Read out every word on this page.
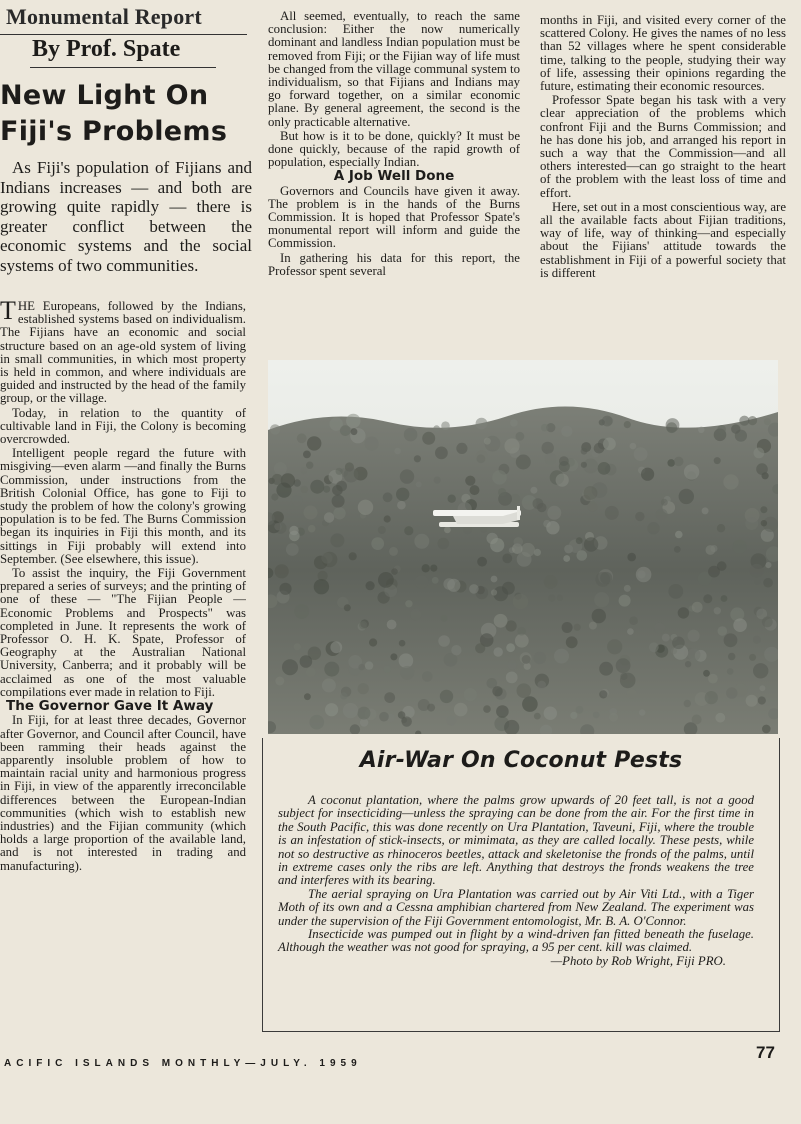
Monumental Report
By Prof. Spate
New Light On
Fiji's Problems

As Fiji's population of Fijians and Indians increases — and both are growing quite rapidly — there is greater conflict between the economic systems and the social systems of two communities.

THE Europeans, followed by the Indians, established systems based on individualism. The Fijians have an economic and social structure based on an age-old system of living in small communities, in which most property is held in common, and where individuals are guided and instructed by the head of the family group, or the village.

Today, in relation to the quantity of cultivable land in Fiji, the Colony is becoming overcrowded.

Intelligent people regard the future with misgiving—even alarm —and finally the Burns Commission, under instructions from the British Colonial Office, has gone to Fiji to study the problem of how the colony's growing population is to be fed. The Burns Commission began its inquiries in Fiji this month, and its sittings in Fiji probably will extend into September. (See elsewhere, this issue).

To assist the inquiry, the Fiji Government prepared a series of surveys; and the printing of one of these — "The Fijian People — Economic Problems and Prospects" was completed in June. It represents the work of Professor O. H. K. Spate, Professor of Geography at the Australian National University, Canberra; and it probably will be acclaimed as one of the most valuable compilations ever made in relation to Fiji.

The Governor Gave It Away

In Fiji, for at least three decades, Governor after Governor, and Council after Council, have been ramming their heads against the apparently insoluble problem of how to maintain racial unity and harmonious progress in Fiji, in view of the apparently irreconcilable differences between the European-Indian communities (which wish to establish new industries) and the Fijian community (which holds a large proportion of the available land, and is not interested in trading and manufacturing).

All seemed, eventually, to reach the same conclusion: Either the now numerically dominant and landless Indian population must be removed from Fiji; or the Fijian way of life must be changed from the village communal system to individualism, so that Fijians and Indians may go forward together, on a similar economic plane. By general agreement, the second is the only practicable alternative.

But how is it to be done, quickly? It must be done quickly, because of the rapid growth of population, especially Indian.

A Job Well Done

Governors and Councils have given it away. The problem is in the hands of the Burns Commission. It is hoped that Professor Spate's monumental report will inform and guide the Commission.

In gathering his data for this report, the Professor spent several

months in Fiji, and visited every corner of the scattered Colony. He gives the names of no less than 52 villages where he spent considerable time, talking to the people, studying their way of life, assessing their opinions regarding the future, estimating their economic resources.

Professor Spate began his task with a very clear appreciation of the problems which confront Fiji and the Burns Commission; and he has done his job, and arranged his report in such a way that the Commission—and all others interested—can go straight to the heart of the problem with the least loss of time and effort.

Here, set out in a most conscientious way, are all the available facts about Fijian traditions, way of life, way of thinking—and especially about the Fijians' attitude towards the establishment in Fiji of a powerful society that is different

Air-War On Coconut Pests

A coconut plantation, where the palms grow upwards of 20 feet tall, is not a good subject for insecticiding—unless the spraying can be done from the air. For the first time in the South Pacific, this was done recently on Ura Plantation, Taveuni, Fiji, where the trouble is an infestation of stick-insects, or mimimata, as they are called locally. These pests, while not so destructive as rhinoceros beetles, attack and skeletonise the fronds of the palms, until in extreme cases only the ribs are left. Anything that destroys the fronds weakens the tree and interferes with its bearing.

The aerial spraying on Ura Plantation was carried out by Air Viti Ltd., with a Tiger Moth of its own and a Cessna amphibian chartered from New Zealand. The experiment was under the supervision of the Fiji Government entomologist, Mr. B. A. O'Connor.

Insecticide was pumped out in flight by a wind-driven fan fitted beneath the fuselage. Although the weather was not good for spraying, a 95 per cent. kill was claimed.

—Photo by Rob Wright, Fiji PRO.

ACIFIC ISLANDS MONTHLY—JULY. 1959
77
